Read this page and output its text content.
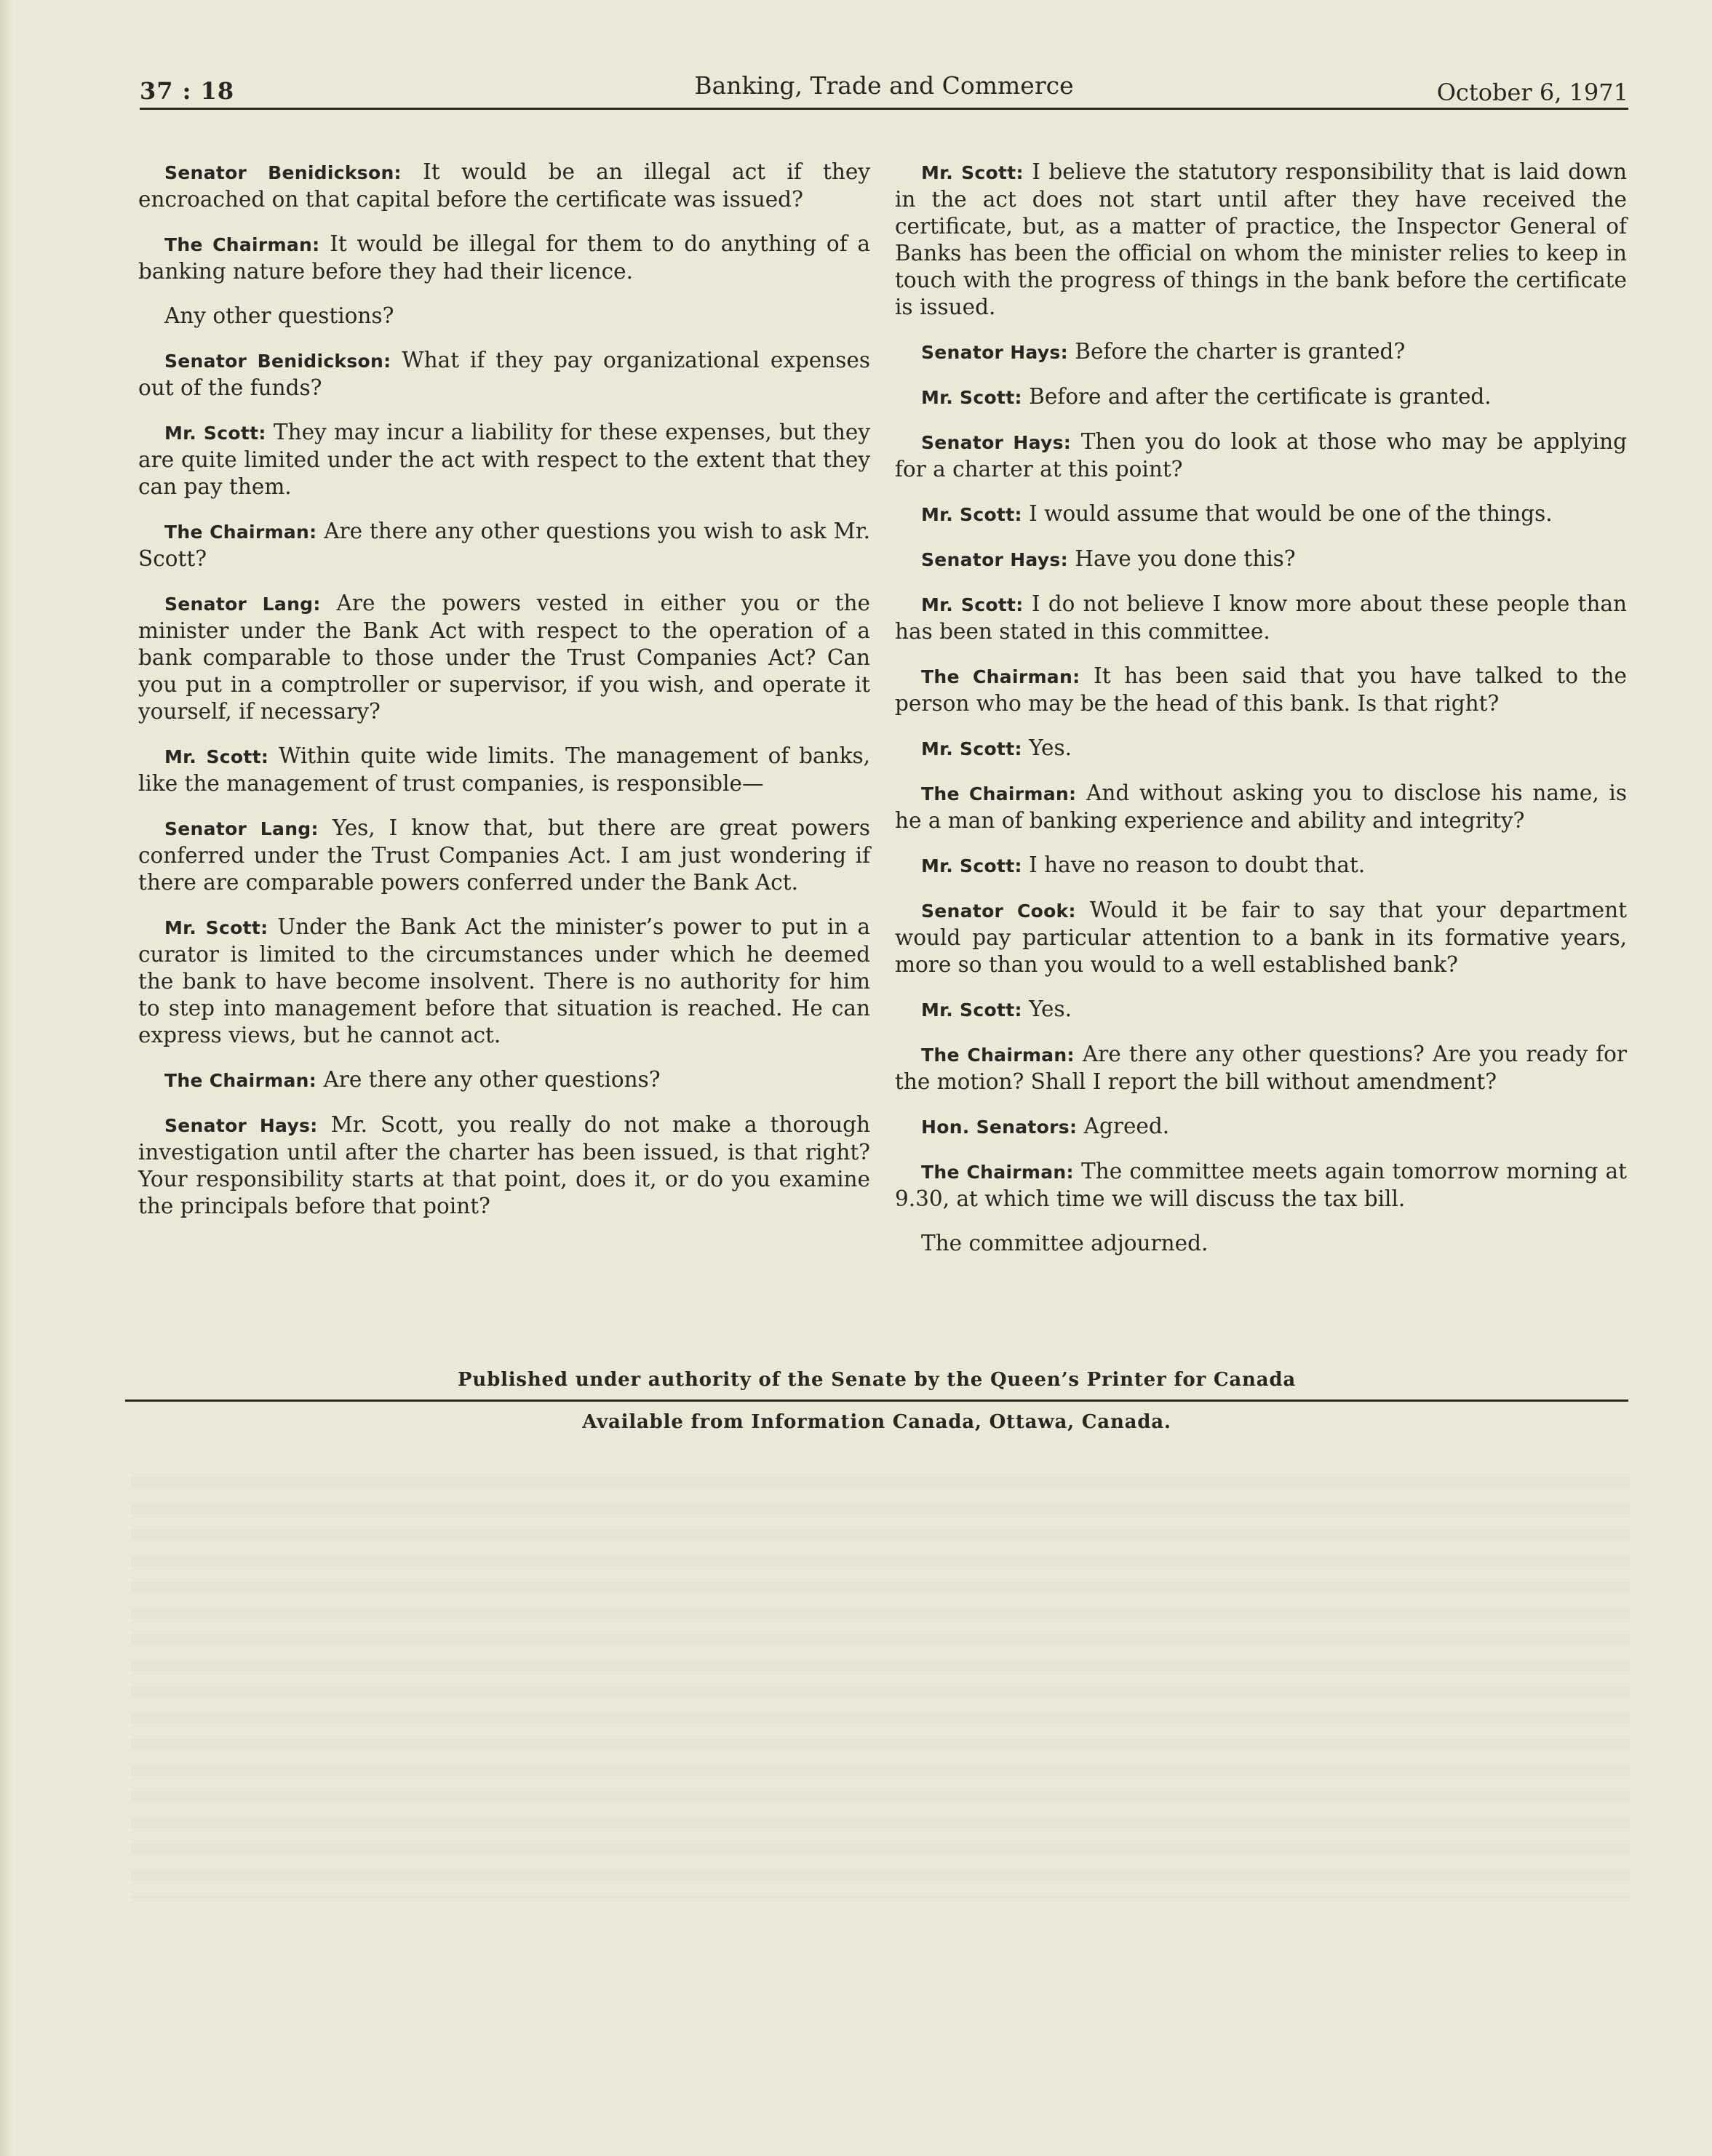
37 : 18	Banking, Trade and Commerce	October 6, 1971

Senator Benidickson: It would be an illegal act if they encroached on that capital before the certificate was issued?

The Chairman: It would be illegal for them to do anything of a banking nature before they had their licence.

Any other questions?

Senator Benidickson: What if they pay organizational expenses out of the funds?

Mr. Scott: They may incur a liability for these expenses, but they are quite limited under the act with respect to the extent that they can pay them.

The Chairman: Are there any other questions you wish to ask Mr. Scott?

Senator Lang: Are the powers vested in either you or the minister under the Bank Act with respect to the operation of a bank comparable to those under the Trust Companies Act? Can you put in a comptroller or supervisor, if you wish, and operate it yourself, if necessary?

Mr. Scott: Within quite wide limits. The management of banks, like the management of trust companies, is responsible—

Senator Lang: Yes, I know that, but there are great powers conferred under the Trust Companies Act. I am just wondering if there are comparable powers conferred under the Bank Act.

Mr. Scott: Under the Bank Act the minister’s power to put in a curator is limited to the circumstances under which he deemed the bank to have become insolvent. There is no authority for him to step into management before that situation is reached. He can express views, but he cannot act.

The Chairman: Are there any other questions?

Senator Hays: Mr. Scott, you really do not make a thorough investigation until after the charter has been issued, is that right? Your responsibility starts at that point, does it, or do you examine the principals before that point?

Mr. Scott: I believe the statutory responsibility that is laid down in the act does not start until after they have received the certificate, but, as a matter of practice, the Inspector General of Banks has been the official on whom the minister relies to keep in touch with the progress of things in the bank before the certificate is issued.

Senator Hays: Before the charter is granted?

Mr. Scott: Before and after the certificate is granted.

Senator Hays: Then you do look at those who may be applying for a charter at this point?

Mr. Scott: I would assume that would be one of the things.

Senator Hays: Have you done this?

Mr. Scott: I do not believe I know more about these people than has been stated in this committee.

The Chairman: It has been said that you have talked to the person who may be the head of this bank. Is that right?

Mr. Scott: Yes.

The Chairman: And without asking you to disclose his name, is he a man of banking experience and ability and integrity?

Mr. Scott: I have no reason to doubt that.

Senator Cook: Would it be fair to say that your department would pay particular attention to a bank in its formative years, more so than you would to a well established bank?

Mr. Scott: Yes.

The Chairman: Are there any other questions? Are you ready for the motion? Shall I report the bill without amendment?

Hon. Senators: Agreed.

The Chairman: The committee meets again tomorrow morning at 9.30, at which time we will discuss the tax bill.

The committee adjourned.

Published under authority of the Senate by the Queen’s Printer for Canada
Available from Information Canada, Ottawa, Canada.
